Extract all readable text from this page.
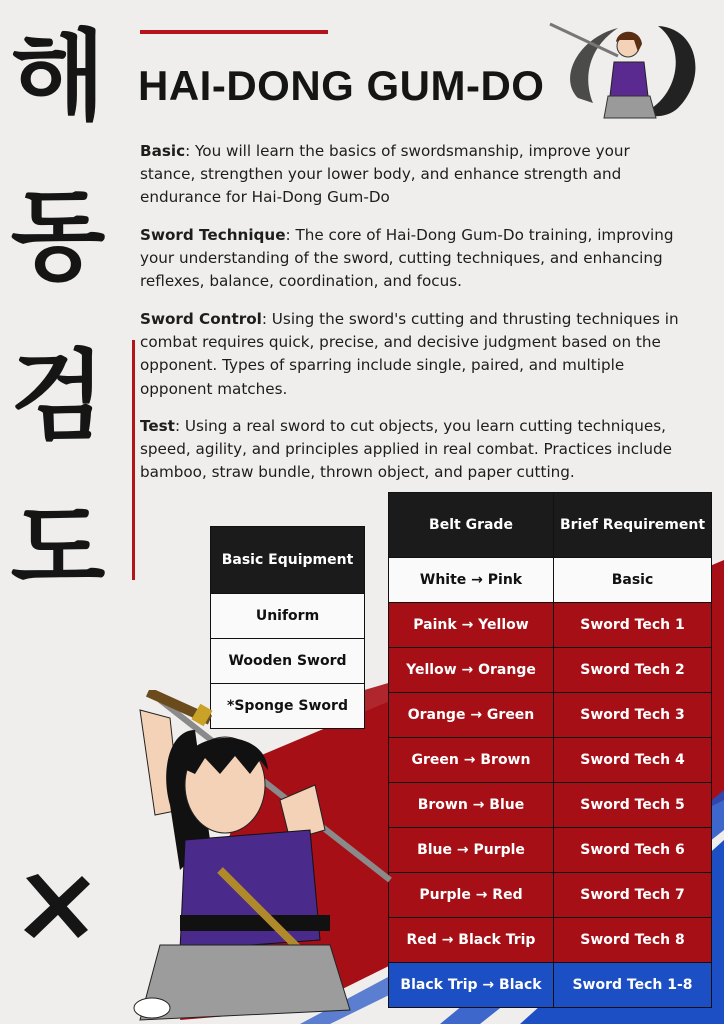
해
동
검
도
HAI-DONG GUM-DO

Basic: You will learn the basics of swordsmanship, improve your stance, strengthen your lower body, and enhance strength and endurance for Hai-Dong Gum-Do

Sword Technique: The core of Hai-Dong Gum-Do training, improving your understanding of the sword, cutting techniques, and enhancing reflexes, balance, coordination, and focus.

Sword Control: Using the sword's cutting and thrusting techniques in combat requires quick, precise, and decisive judgment based on the opponent. Types of sparring include single, paired, and multiple opponent matches.

Test: Using a real sword to cut objects, you learn cutting techniques, speed, agility, and principles applied in real combat. Practices include bamboo, straw bundle, thrown object, and paper cutting.

Basic Equipment
Uniform
Wooden Sword
*Sponge Sword
Belt Grade	Brief Requirement
White → Pink	Basic
Paink → Yellow	Sword Tech 1
Yellow → Orange	Sword Tech 2
Orange → Green	Sword Tech 3
Green → Brown	Sword Tech 4
Brown → Blue	Sword Tech 5
Blue → Purple	Sword Tech 6
Purple → Red	Sword Tech 7
Red → Black Trip	Sword Tech 8
Black Trip → Black	Sword Tech 1-8
